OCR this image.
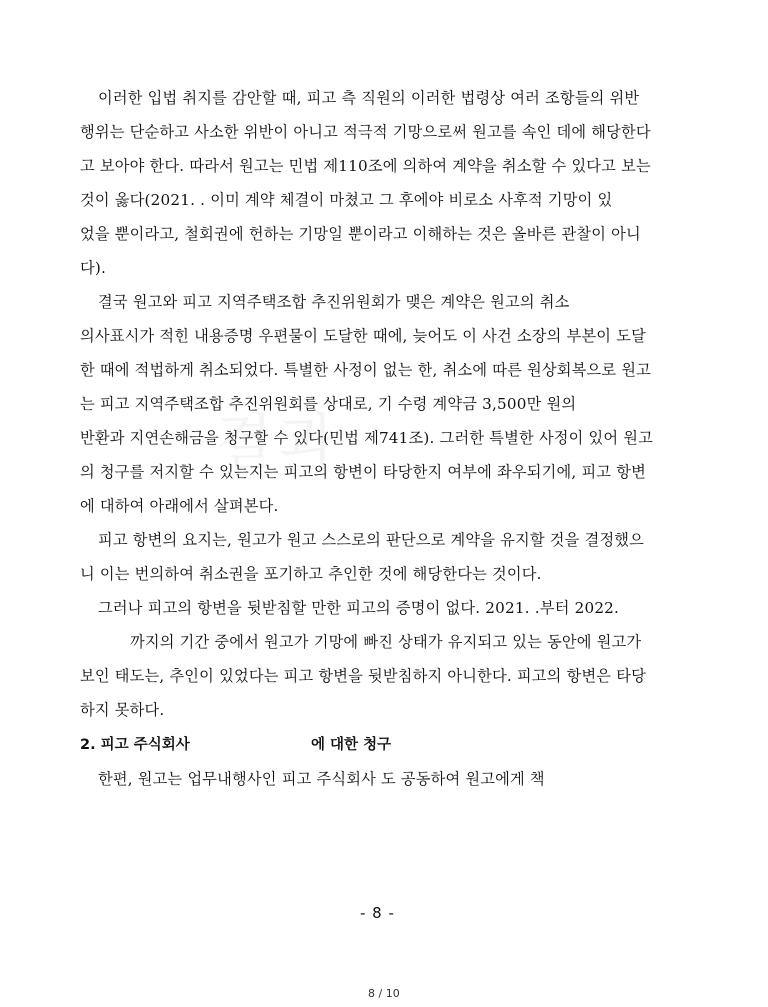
결과
이러한 입법 취지를 감안할 때, 피고 측 직원의 이러한 법령상 여러 조항들의 위반
행위는 단순하고 사소한 위반이 아니고 적극적 기망으로써 원고를 속인 데에 해당한다
고 보아야 한다. 따라서 원고는 민법 제110조에 의하여 계약을 취소할 수 있다고 보는
것이 옳다(2021. . 이미 계약 체결이 마쳤고 그 후에야 비로소 사후적 기망이 있
었을 뿐이라고, 철회권에 헌하는 기망일 뿐이라고 이해하는 것은 올바른 관찰이 아니
다).
결국 원고와 피고 지역주택조합 추진위원회가 맺은 계약은 원고의 취소
의사표시가 적힌 내용증명 우편물이 도달한 때에, 늦어도 이 사건 소장의 부본이 도달
한 때에 적법하게 취소되었다. 특별한 사정이 없는 한, 취소에 따른 원상회복으로 원고
는 피고 지역주택조합 추진위원회를 상대로, 기 수령 계약금 3,500만 원의
반환과 지연손해금을 청구할 수 있다(민법 제741조). 그러한 특별한 사정이 있어 원고
의 청구를 저지할 수 있는지는 피고의 항변이 타당한지 여부에 좌우되기에, 피고 항변
에 대하여 아래에서 살펴본다.
피고 항변의 요지는, 원고가 원고 스스로의 판단으로 계약을 유지할 것을 결정했으
니 이는 번의하여 취소권을 포기하고 추인한 것에 해당한다는 것이다.
그러나 피고의 항변을 뒷받침할 만한 피고의 증명이 없다. 2021. .부터 2022.
까지의 기간 중에서 원고가 기망에 빠진 상태가 유지되고 있는 동안에 원고가
보인 태도는, 추인이 있었다는 피고 항변을 뒷받침하지 아니한다. 피고의 항변은 타당
하지 못하다.
2. 피고 주식회사	에 대한 청구
한편, 원고는 업무내행사인 피고 주식회사 도 공동하여 원고에게 책
- 8 -
8 / 10
